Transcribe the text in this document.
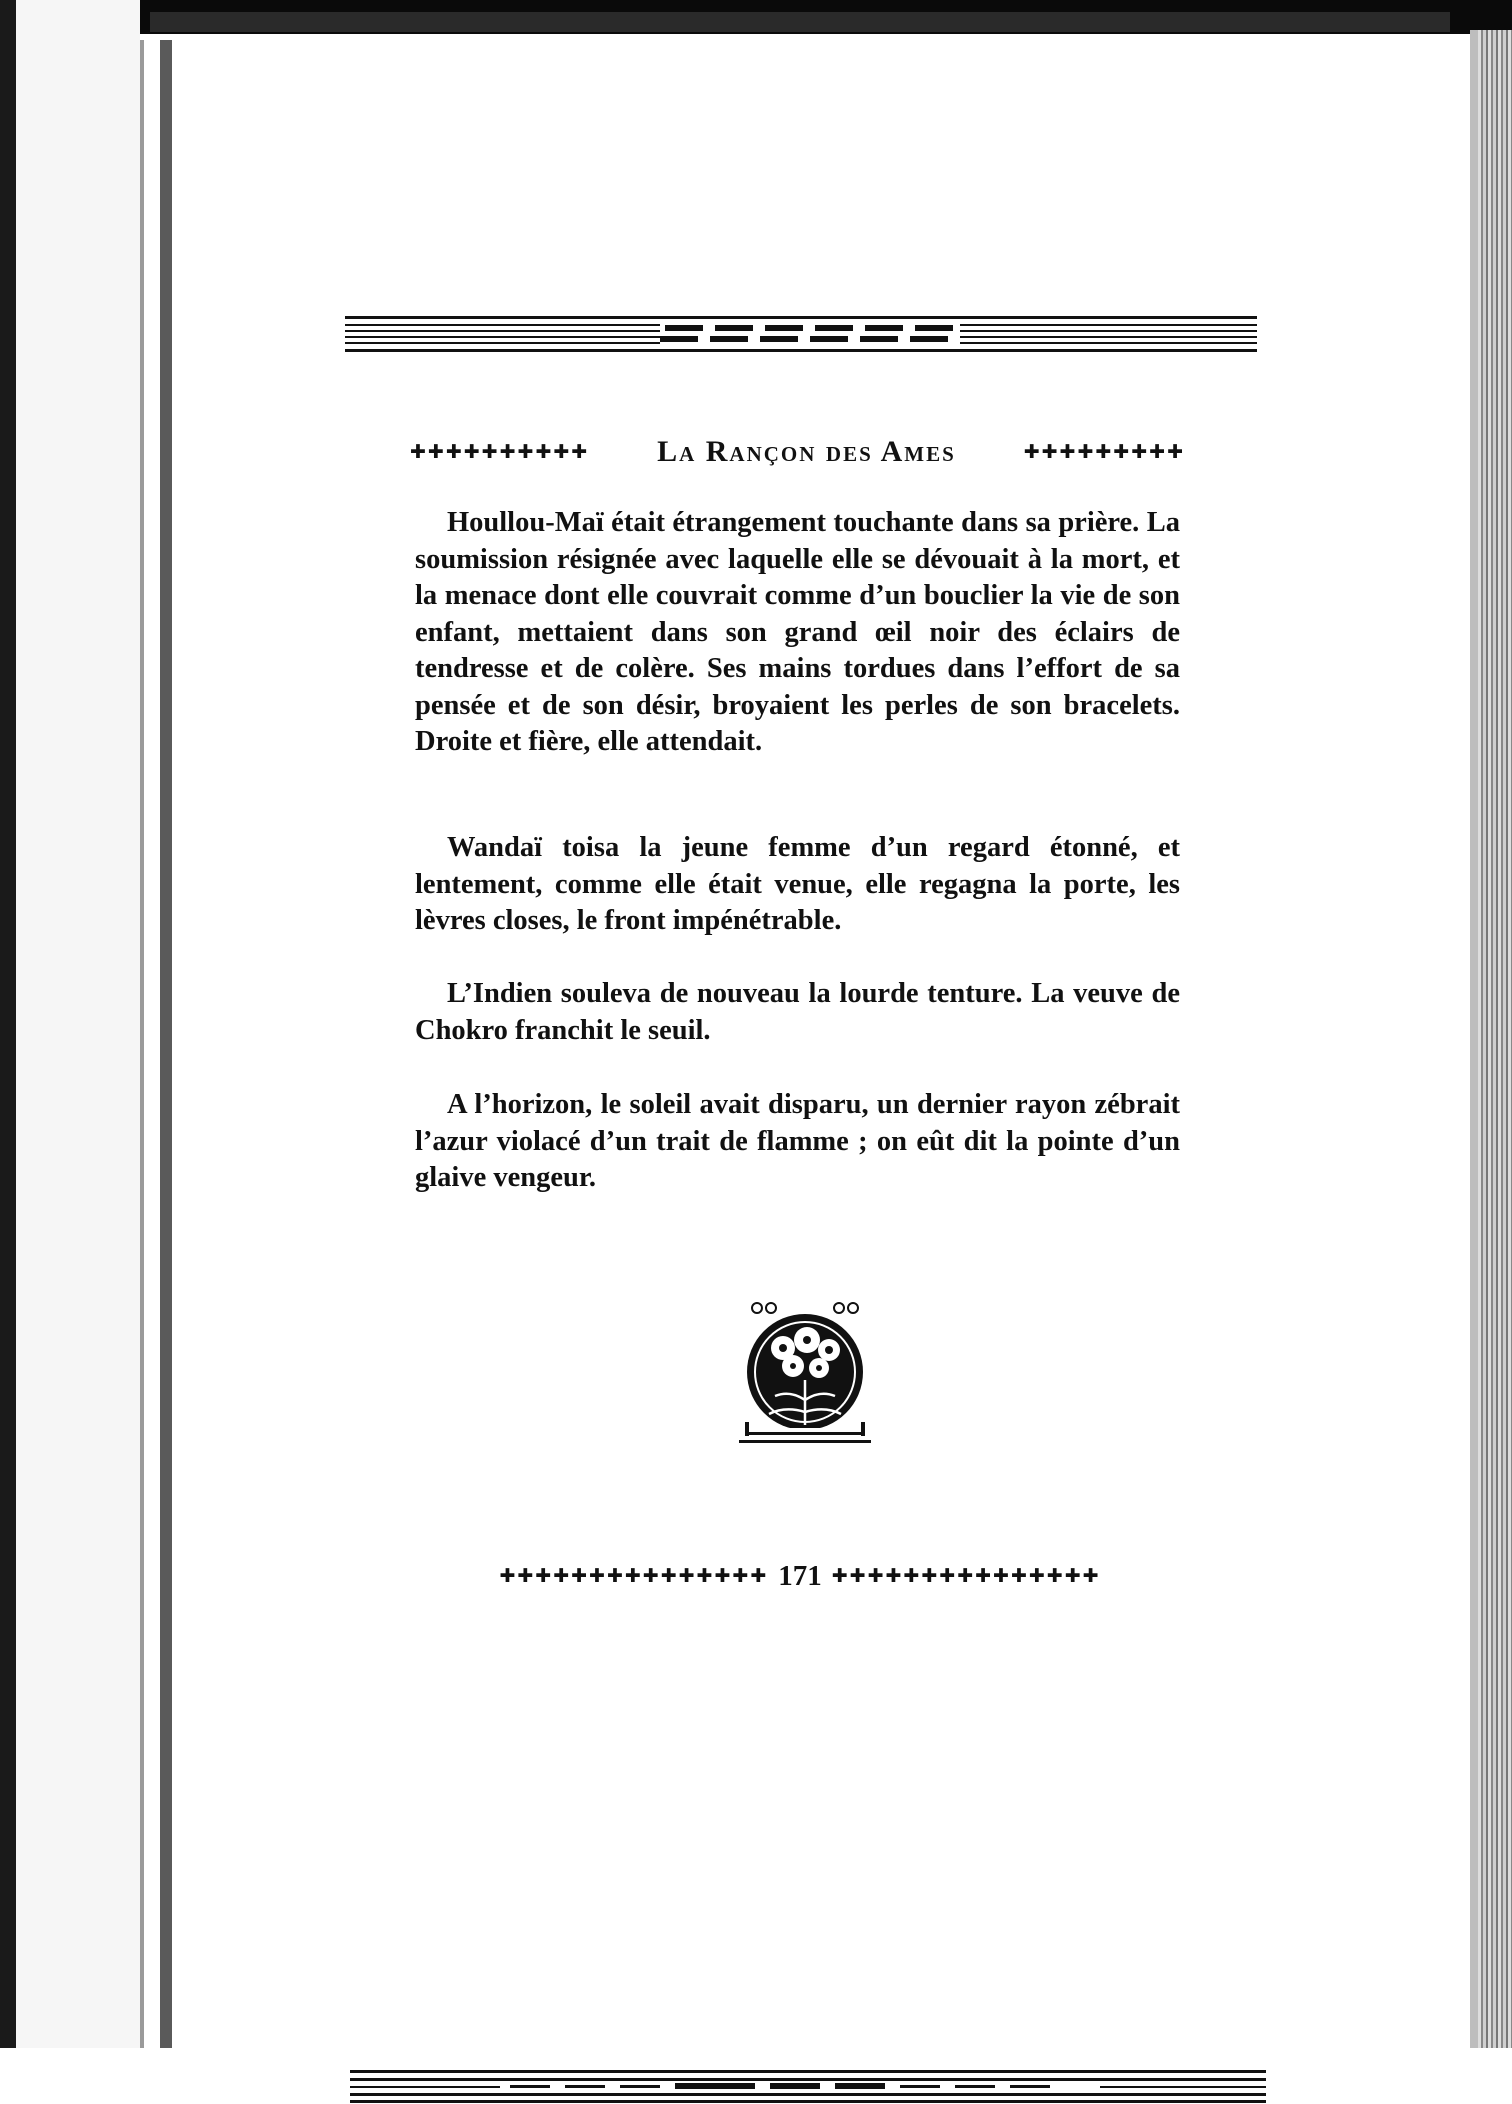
✚✚✚✚✚✚✚✚✚✚ La Rançon des Ames	✚✚✚✚✚✚✚✚✚

Houllou-Maï était étrangement touchante dans sa prière. La soumission résignée avec laquelle elle se dévouait à la mort, et la menace dont elle couvrait comme d’un bouclier la vie de son enfant, mettaient dans son grand œil noir des éclairs de tendresse et de colère. Ses mains tordues dans l’effort de sa pensée et de son désir, broyaient les perles de son bracelets. Droite et fière, elle attendait.

Wandaï toisa la jeune femme d’un regard étonné, et lentement, comme elle était venue, elle regagna la porte, les lèvres closes, le front impénétrable.

L’Indien souleva de nouveau la lourde tenture. La veuve de Chokro franchit le seuil.

A l’horizon, le soleil avait disparu, un dernier rayon zébrait l’azur violacé d’un trait de flamme ; on eût dit la pointe d’un glaive vengeur.

✚✚✚✚✚✚✚✚✚✚✚✚✚✚✚ 171 ✚✚✚✚✚✚✚✚✚✚✚✚✚✚✚
